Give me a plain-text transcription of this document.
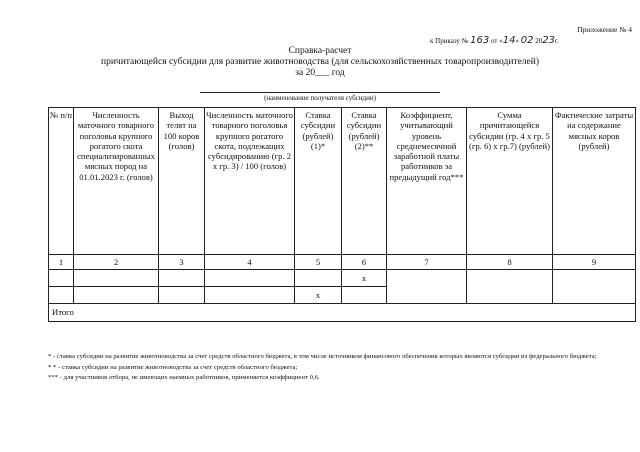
Приложение № 4
к Приказу № 163 от «14» 02 2023г.
Справка-расчет
причитающейся субсидии для развитие животноводства (для сельскохозяйственных товаропроизводителей)
за 20___ год
(наименование получателя субсидии)
№ п/п	Численность маточного товарного поголовья крупного рогатого скота специализированных мясных пород на 01.01.2023 г. (голов)	Выход телят на 100 коров (голов)	Численность маточного товарного поголовья крупного рогатого скота, подлежащих субсидированию (гр. 2 х гр. 3) / 100 (голов)	Ставка субсидии (рублей) (1)*	Ставка субсидии (рублей) (2)**	Коэффициент, учитывающий уровень среднемесячной заработной платы работников за предыдущий год***	Сумма причитающейся субсидии (гр. 4 х гр. 5 (гр. 6) х гр.7) (рублей)	Фактические затраты на содержание мясных коров (рублей)
1	2	3	4	5	6	7	8	9
					х			
				х				
Итого								

* - ставка субсидии на развитие животноводства за счет средств областного бюджета, в том числе источником финансового обеспечения которых являются субсидии из федерального бюджета;

* * - ставка субсидии на развитие животноводства за счет средств областного бюджета;

*** - для участников отбора, не имеющих наемных работников, применяется коэффициент 0,6.
